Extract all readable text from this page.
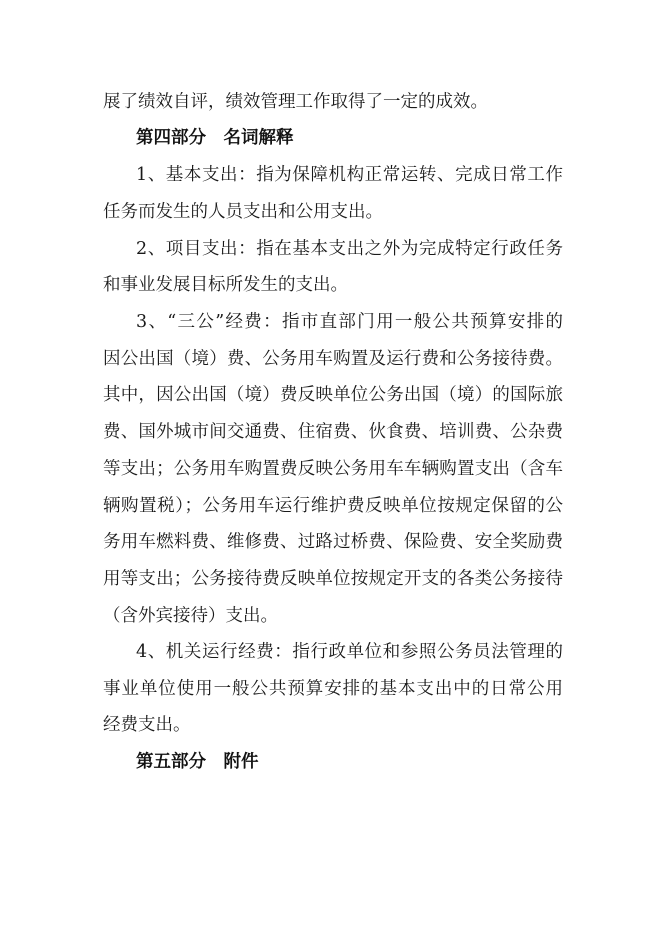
展了绩效自评，绩效管理工作取得了一定的成效。
第四部分　名词解释
1、基本支出：指为保障机构正常运转、完成日常工作
任务而发生的人员支出和公用支出。
2、项目支出：指在基本支出之外为完成特定行政任务
和事业发展目标所发生的支出。
3、“三公”经费：指市直部门用一般公共预算安排的
因公出国（境）费、公务用车购置及运行费和公务接待费。
其中，因公出国（境）费反映单位公务出国（境）的国际旅
费、国外城市间交通费、住宿费、伙食费、培训费、公杂费
等支出；公务用车购置费反映公务用车车辆购置支出（含车
辆购置税）；公务用车运行维护费反映单位按规定保留的公
务用车燃料费、维修费、过路过桥费、保险费、安全奖励费
用等支出；公务接待费反映单位按规定开支的各类公务接待
（含外宾接待）支出。
4、机关运行经费：指行政单位和参照公务员法管理的
事业单位使用一般公共预算安排的基本支出中的日常公用
经费支出。
第五部分　附件
